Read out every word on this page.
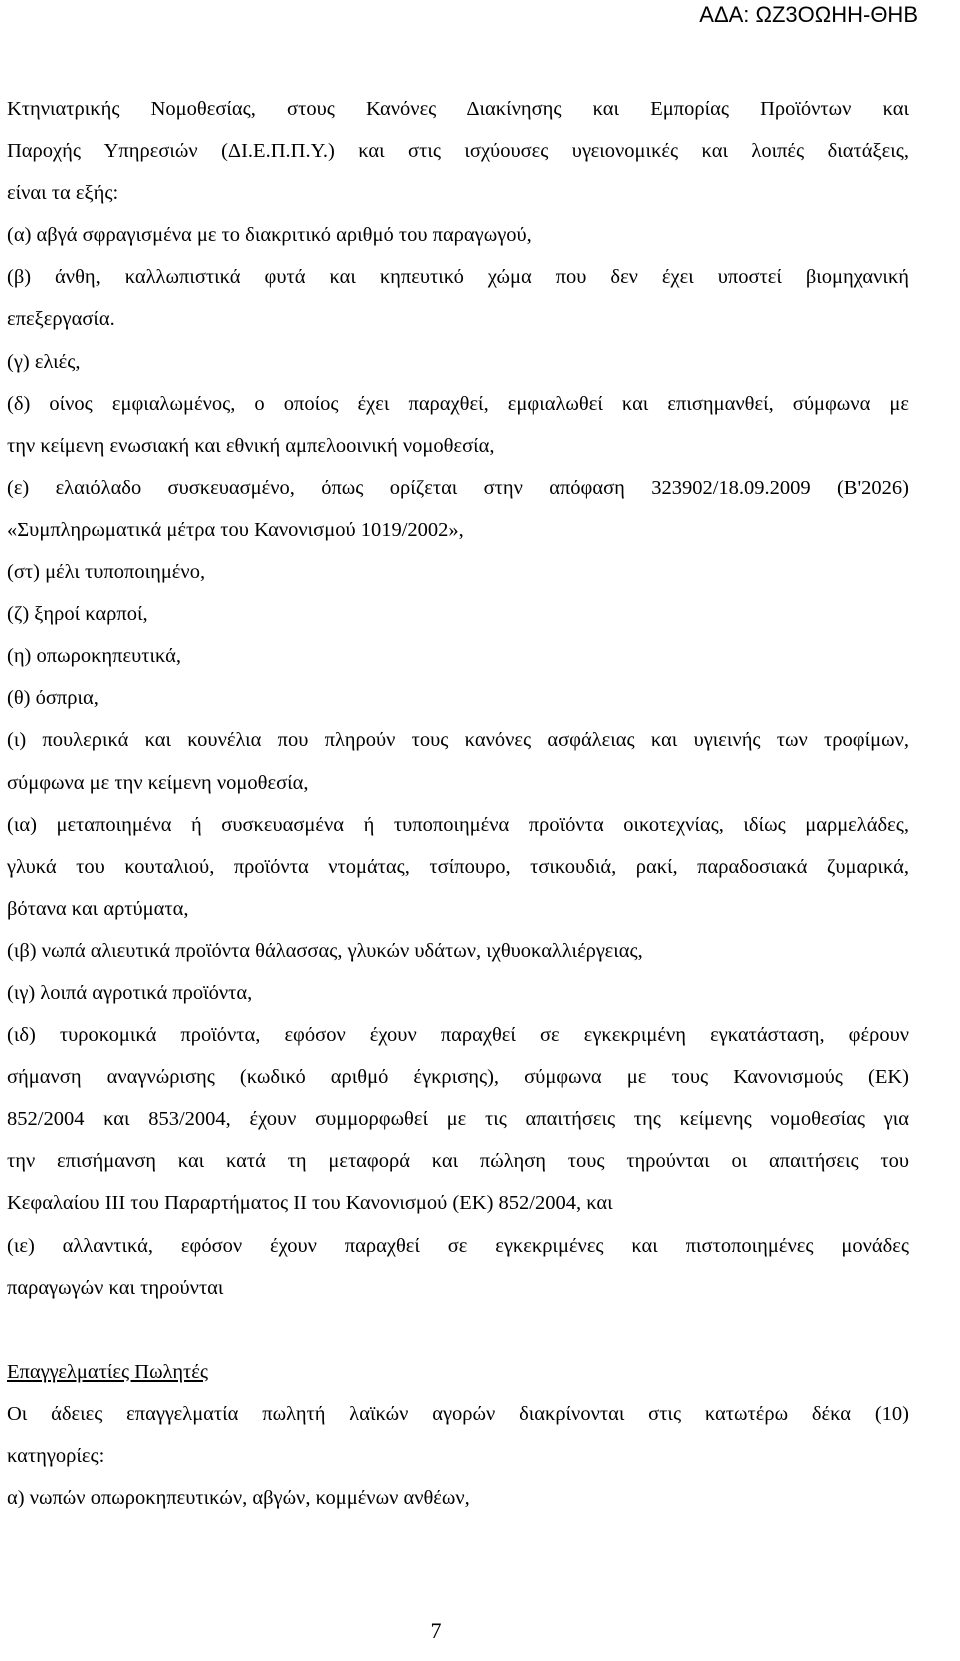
ΑΔΑ: ΩΖ3ΟΩΗΗ-ΘΗΒ

Κτηνιατρικής Νομοθεσίας, στους Κανόνες Διακίνησης και Εμπορίας Προϊόντων και

Παροχής Υπηρεσιών (ΔΙ.Ε.Π.Π.Υ.) και στις ισχύουσες υγειονομικές και λοιπές διατάξεις,

είναι τα εξής:

(α) αβγά σφραγισμένα με το διακριτικό αριθμό του παραγωγού,

(β) άνθη, καλλωπιστικά φυτά και κηπευτικό χώμα που δεν έχει υποστεί βιομηχανική

επεξεργασία.

(γ) ελιές,

(δ) οίνος εμφιαλωμένος, ο οποίος έχει παραχθεί, εμφιαλωθεί και επισημανθεί, σύμφωνα με

την κείμενη ενωσιακή και εθνική αμπελοοινική νομοθεσία,

(ε) ελαιόλαδο συσκευασμένο, όπως ορίζεται στην απόφαση 323902/18.09.2009 (Β'2026)

«Συμπληρωματικά μέτρα του Κανονισμού 1019/2002»,

(στ) μέλι τυποποιημένο,

(ζ) ξηροί καρποί,

(η) οπωροκηπευτικά,

(θ) όσπρια,

(ι) πουλερικά και κουνέλια που πληρούν τους κανόνες ασφάλειας και υγιεινής των τροφίμων,

σύμφωνα με την κείμενη νομοθεσία,

(ια) μεταποιημένα ή συσκευασμένα ή τυποποιημένα προϊόντα οικοτεχνίας, ιδίως μαρμελάδες,

γλυκά του κουταλιού, προϊόντα ντομάτας, τσίπουρο, τσικουδιά, ρακί, παραδοσιακά ζυμαρικά,

βότανα και αρτύματα,

(ιβ) νωπά αλιευτικά προϊόντα θάλασσας, γλυκών υδάτων, ιχθυοκαλλιέργειας,

(ιγ) λοιπά αγροτικά προϊόντα,

(ιδ) τυροκομικά προϊόντα, εφόσον έχουν παραχθεί σε εγκεκριμένη εγκατάσταση, φέρουν

σήμανση αναγνώρισης (κωδικό αριθμό έγκρισης), σύμφωνα με τους Κανονισμούς (ΕΚ)

852/2004 και 853/2004, έχουν συμμορφωθεί με τις απαιτήσεις της κείμενης νομοθεσίας για

την επισήμανση και κατά τη μεταφορά και πώληση τους τηρούνται οι απαιτήσεις του

Κεφαλαίου ΙΙΙ του Παραρτήματος ΙΙ του Κανονισμού (ΕΚ) 852/2004, και

(ιε) αλλαντικά, εφόσον έχουν παραχθεί σε εγκεκριμένες και πιστοποιημένες μονάδες

παραγωγών και τηρούνται

Επαγγελματίες Πωλητές

Οι άδειες επαγγελματία πωλητή λαϊκών αγορών διακρίνονται στις κατωτέρω δέκα (10)

κατηγορίες:

α) νωπών οπωροκηπευτικών, αβγών, κομμένων ανθέων,

7
